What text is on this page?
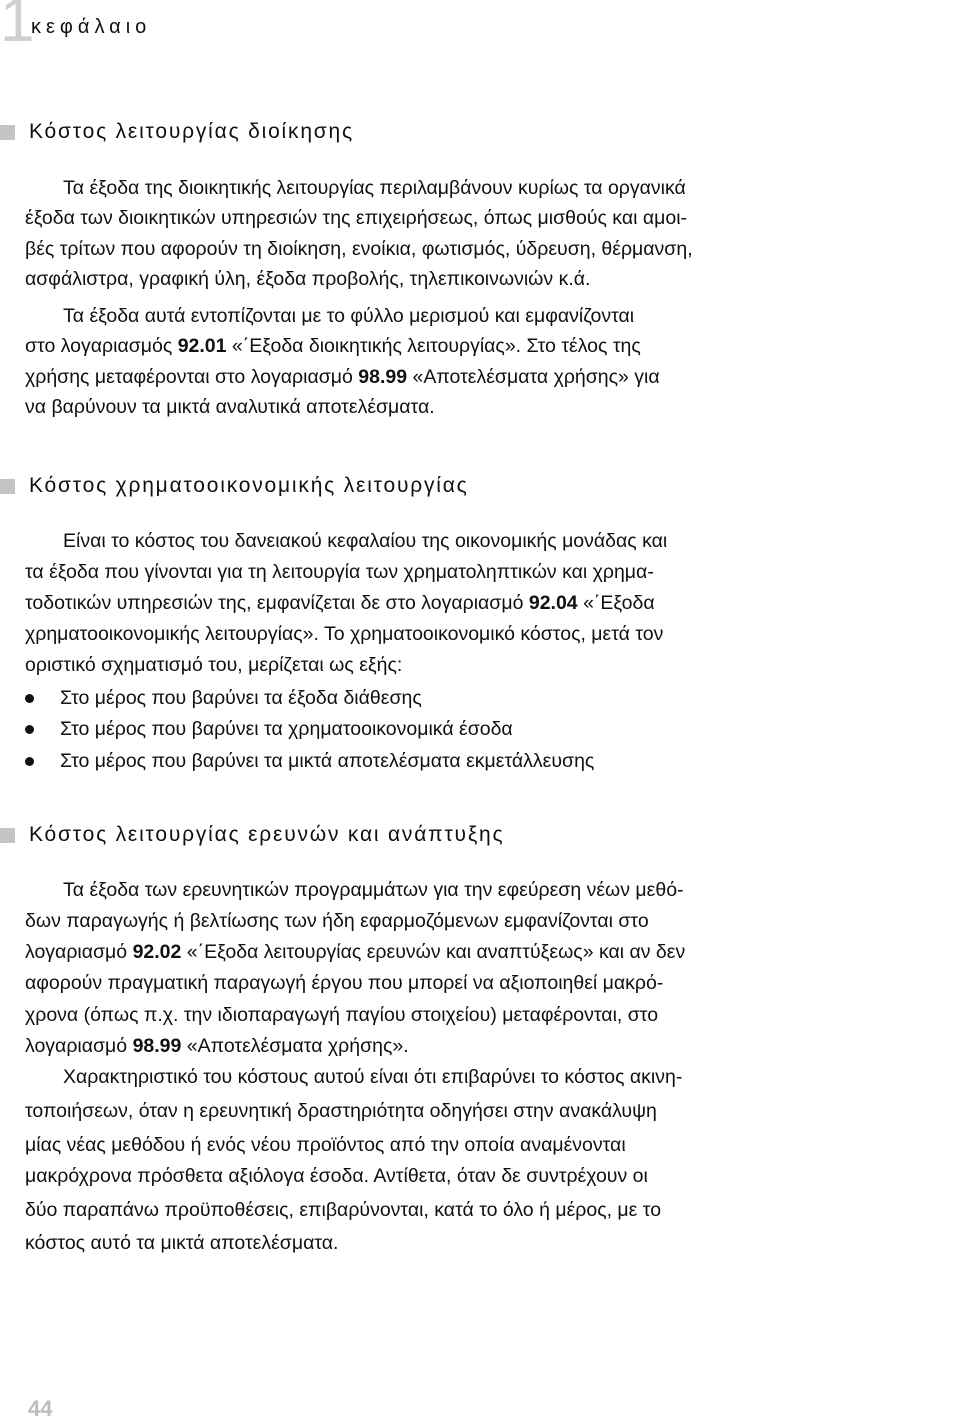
1
κεφάλαιο
Κόστος λειτουργίας διοίκησης
Τα έξοδα της διοικητικής λειτουργίας περιλαμβάνουν κυρίως τα οργανικά
έξοδα των διοικητικών υπηρεσιών της επιχειρήσεως, όπως μισθούς και αμοι-
βές τρίτων που αφορούν τη διοίκηση, ενοίκια, φωτισμός, ύδρευση, θέρμανση,
ασφάλιστρα, γραφική ύλη, έξοδα προβολής, τηλεπικοινωνιών κ.ά.
Τα έξοδα αυτά εντοπίζονται με το φύλλο μερισμού και εμφανίζονται
στο λογαριασμός 92.01 «΄Εξοδα διοικητικής λειτουργίας». Στο τέλος της
χρήσης μεταφέρονται στο λογαριασμό 98.99 «Αποτελέσματα χρήσης» για
να βαρύνουν τα μικτά αναλυτικά αποτελέσματα.
Κόστος χρηματοοικονομικής λειτουργίας
Είναι το κόστος του δανειακού κεφαλαίου της οικονομικής μονάδας και
τα έξοδα που γίνονται για τη λειτουργία των χρηματοληπτικών και χρημα-
τοδοτικών υπηρεσιών της, εμφανίζεται δε στο λογαριασμό 92.04 «΄Εξοδα
χρηματοοικονομικής λειτουργίας». Το χρηματοοικονομικό κόστος, μετά τον
οριστικό σχηματισμό του, μερίζεται ως εξής:
Στο μέρος που βαρύνει τα έξοδα διάθεσης
Στο μέρος που βαρύνει τα χρηματοοικονομικά έσοδα
Στο μέρος που βαρύνει τα μικτά αποτελέσματα εκμετάλλευσης
Κόστος λειτουργίας ερευνών και ανάπτυξης
Τα έξοδα των ερευνητικών προγραμμάτων για την εφεύρεση νέων μεθό-
δων παραγωγής ή βελτίωσης των ήδη εφαρμοζόμενων εμφανίζονται στο
λογαριασμό 92.02 «΄Εξοδα λειτουργίας ερευνών και αναπτύξεως» και αν δεν
αφορούν πραγματική παραγωγή έργου που μπορεί να αξιοποιηθεί μακρό-
χρονα (όπως π.χ. την ιδιοπαραγωγή παγίου στοιχείου) μεταφέρονται, στο
λογαριασμό 98.99 «Αποτελέσματα χρήσης».
Χαρακτηριστικό του κόστους αυτού είναι ότι επιβαρύνει το κόστος ακινη-
τοποιήσεων, όταν η ερευνητική δραστηριότητα οδηγήσει στην ανακάλυψη
μίας νέας μεθόδου ή ενός νέου προϊόντος από την οποία αναμένονται
μακρόχρονα πρόσθετα αξιόλογα έσοδα. Αντίθετα, όταν δε συντρέχουν οι
δύο παραπάνω προϋποθέσεις, επιβαρύνονται, κατά το όλο ή μέρος, με το
κόστος αυτό τα μικτά αποτελέσματα.
44
